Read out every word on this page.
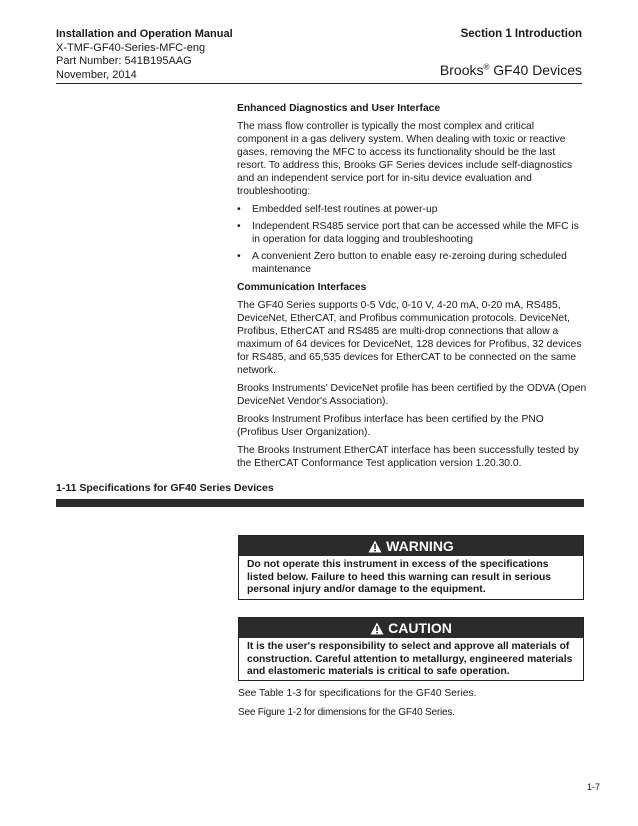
Installation and Operation Manual
X-TMF-GF40-Series-MFC-eng
Part Number: 541B195AAG
November, 2014
Section 1 Introduction
Brooks® GF40 Devices
Enhanced Diagnostics and User Interface

The mass flow controller is typically the most complex and critical component in a gas delivery system. When dealing with toxic or reactive gases, removing the MFC to access its functionality should be the last resort. To address this, Brooks GF Series devices include self-diagnostics and an independent service port for in-situ device evaluation and troubleshooting:

• Embedded self-test routines at power-up
• Independent RS485 service port that can be accessed while the MFC is in operation for data logging and troubleshooting
• A convenient Zero button to enable easy re-zeroing during scheduled maintenance
Communication Interfaces

The GF40 Series supports 0-5 Vdc, 0-10 V, 4-20 mA, 0-20 mA, RS485, DeviceNet, EtherCAT, and Profibus communication protocols. DeviceNet, Profibus, EtherCAT and RS485 are multi-drop connections that allow a maximum of 64 devices for DeviceNet, 128 devices for Profibus, 32 devices for RS485, and 65,535 devices for EtherCAT to be connected on the same network.

Brooks Instruments' DeviceNet profile has been certified by the ODVA (Open DeviceNet Vendor's Association).

Brooks Instrument Profibus interface has been certified by the PNO (Profibus User Organization).

The Brooks Instrument EtherCAT interface has been successfully tested by the EtherCAT Conformance Test application version 1.20.30.0.

1-11 Specifications for GF40 Series Devices
WARNING
Do not operate this instrument in excess of the specifications listed below. Failure to heed this warning can result in serious personal injury and/or damage to the equipment.
CAUTION
It is the user's responsibility to select and approve all materials of construction. Careful attention to metallurgy, engineered materials and elastomeric materials is critical to safe operation.
See Table 1-3 for specifications for the GF40 Series.
See Figure 1-2 for dimensions for the GF40 Series.
1-7
